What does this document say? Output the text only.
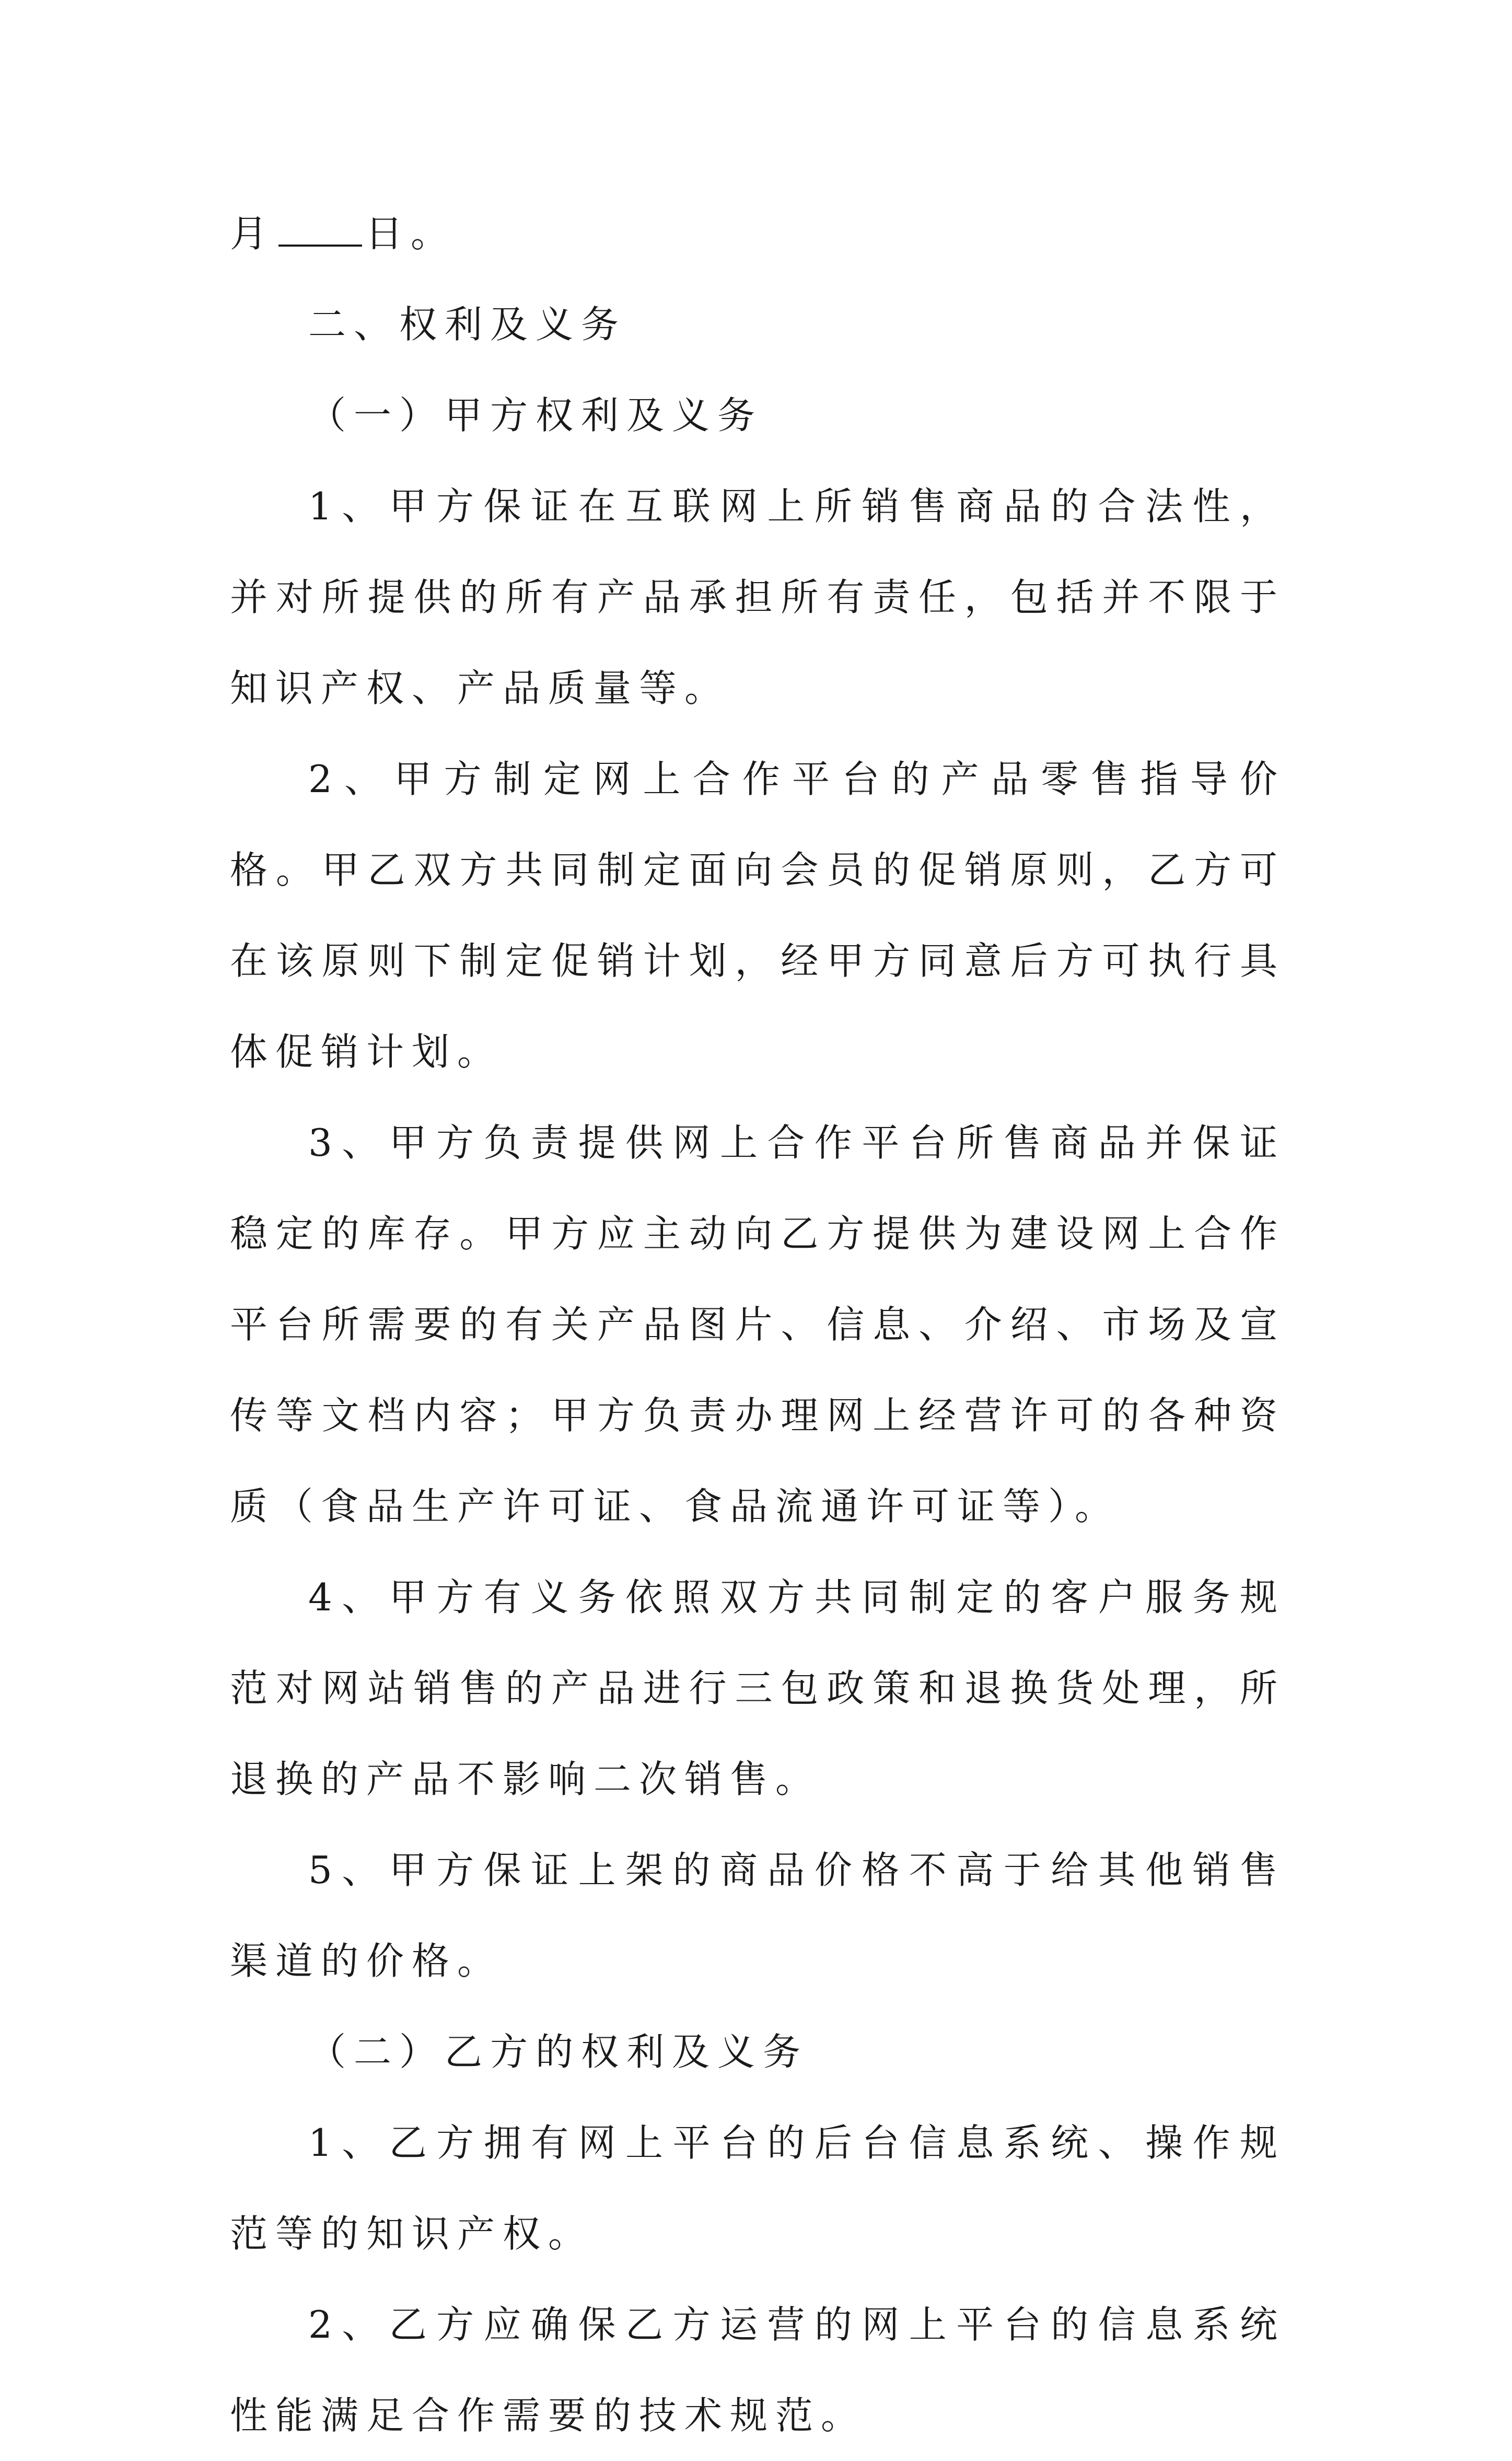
月 日。

二、权利及义务

（一）甲方权利及义务

1、甲方保证在互联网上所销售商品的合法性，并对所提供的所有产品承担所有责任，包括并不限于知识产权、产品质量等。

2、甲方制定网上合作平台的产品零售指导价格。甲乙双方共同制定面向会员的促销原则，乙方可在该原则下制定促销计划，经甲方同意后方可执行具体促销计划。

3、甲方负责提供网上合作平台所售商品并保证稳定的库存。甲方应主动向乙方提供为建设网上合作平台所需要的有关产品图片、信息、介绍、市场及宣传等文档内容；甲方负责办理网上经营许可的各种资质（食品生产许可证、食品流通许可证等）。

4、甲方有义务依照双方共同制定的客户服务规范对网站销售的产品进行三包政策和退换货处理，所退换的产品不影响二次销售。

5、甲方保证上架的商品价格不高于给其他销售渠道的价格。

（二）乙方的权利及义务

1、乙方拥有网上平台的后台信息系统、操作规范等的知识产权。

2、乙方应确保乙方运营的网上平台的信息系统性能满足合作需要的技术规范。
